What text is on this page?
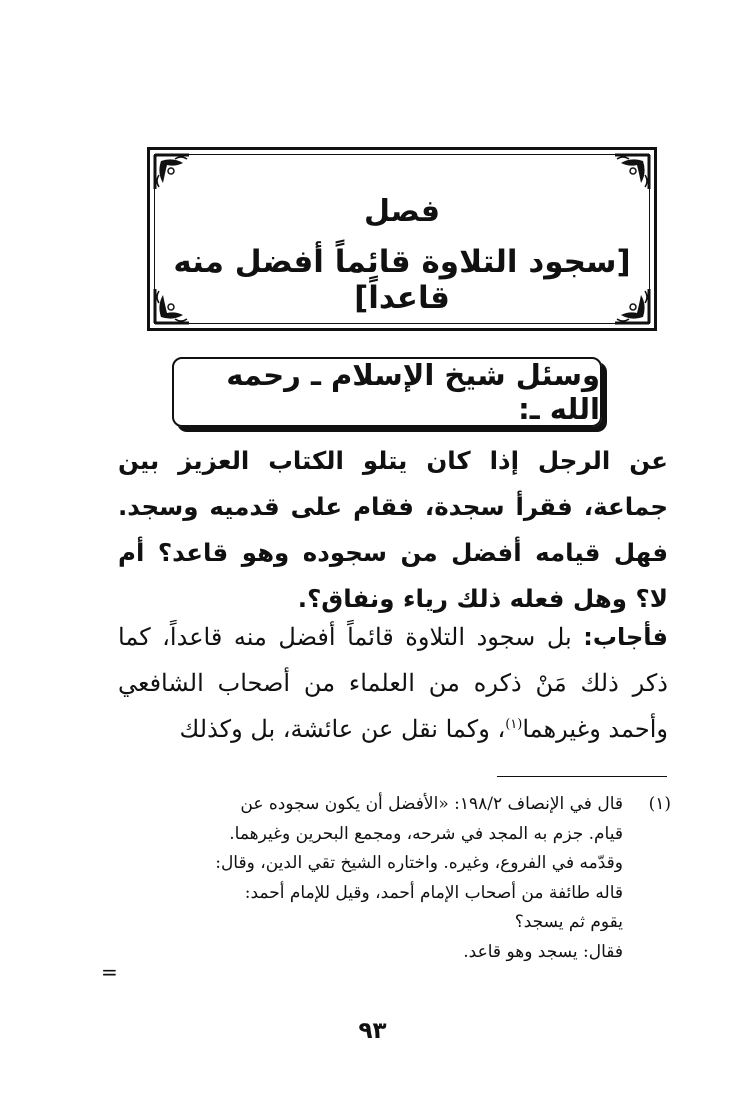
فصل
[سجود التلاوة قائماً أفضل منه قاعداً]
وسئل شيخ الإسلام ـ رحمه الله ـ:

عن الرجل إذا كان يتلو الكتاب العزيز بين جماعة، فقرأ سجدة، فقام على قدميه وسجد. فهل قيامه أفضل من سجوده وهو قاعد؟ أم لا؟ وهل فعله ذلك رياء ونفاق؟.

فأجاب: بل سجود التلاوة قائماً أفضل منه قاعداً، كما ذكر ذلك مَنْ ذكره من العلماء من أصحاب الشافعي وأحمد وغيرهما$^{(١)}$، وكما نقل عن عائشة، بل وكذلك

(١)قال في الإنصاف ١٩٨/٢: «الأفضل أن يكون سجوده عن
قيام. جزم به المجد في شرحه، ومجمع البحرين وغيرهما.
وقدّمه في الفروع، وغيره. واختاره الشيخ تقي الدين، وقال:
قاله طائفة من أصحاب الإمام أحمد، وقيل للإمام أحمد:
يقوم ثم يسجد؟
فقال: يسجد وهو قاعد.
=
٩٣
